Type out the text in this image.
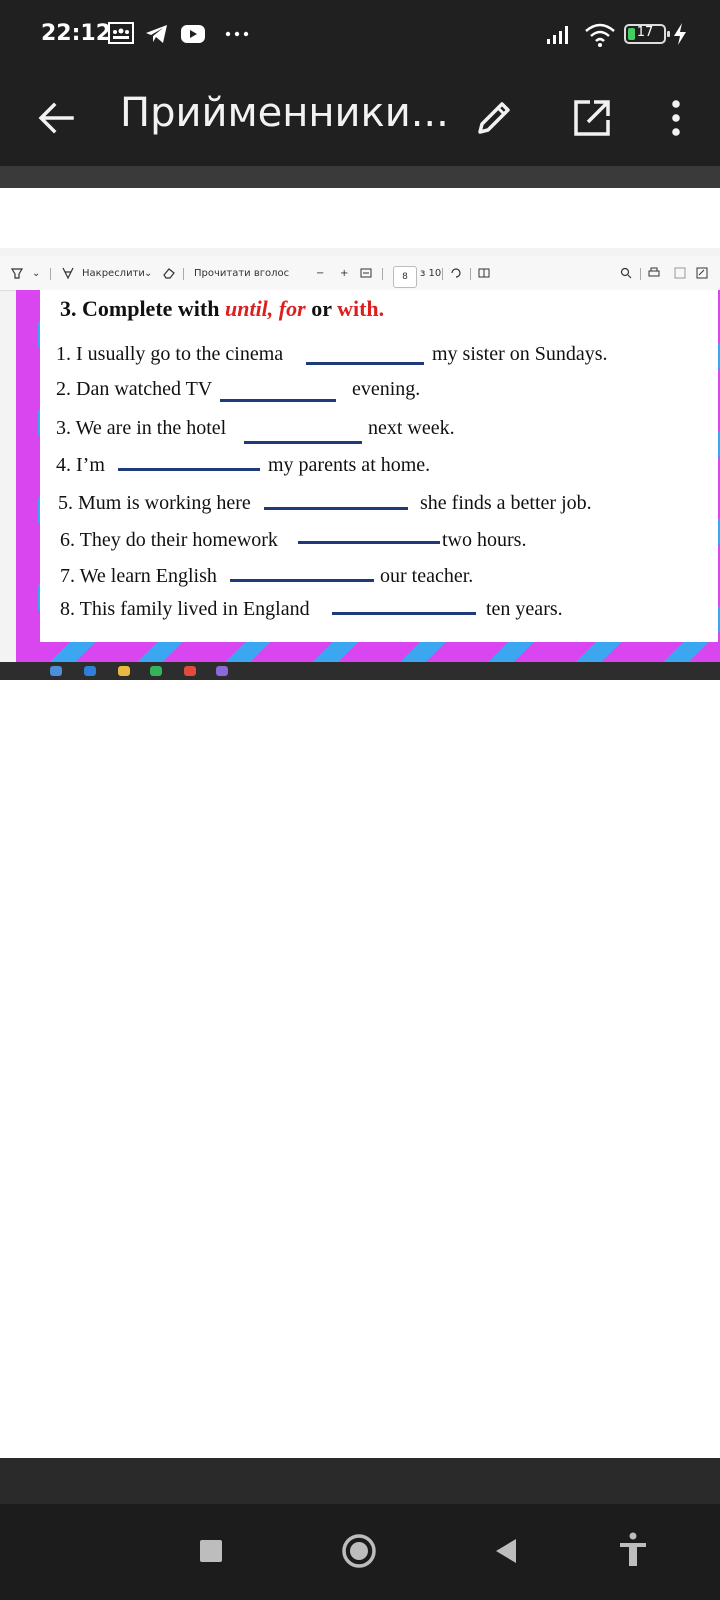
22:12	17
Прийменники...
⌄	Накреслити ⌄	Прочитати вголос	− +	8	з 10
3. Complete with until, for or with.
1. I usually go to the cinema	my sister on Sundays.
2. Dan watched TV	evening.
3. We are in the hotel	next week.
4. I’m	my parents at home.
5. Mum is working here	she finds a better job.
6. They do their homework	two hours.
7. We learn English	our teacher.
8. This family lived in England	ten years.
